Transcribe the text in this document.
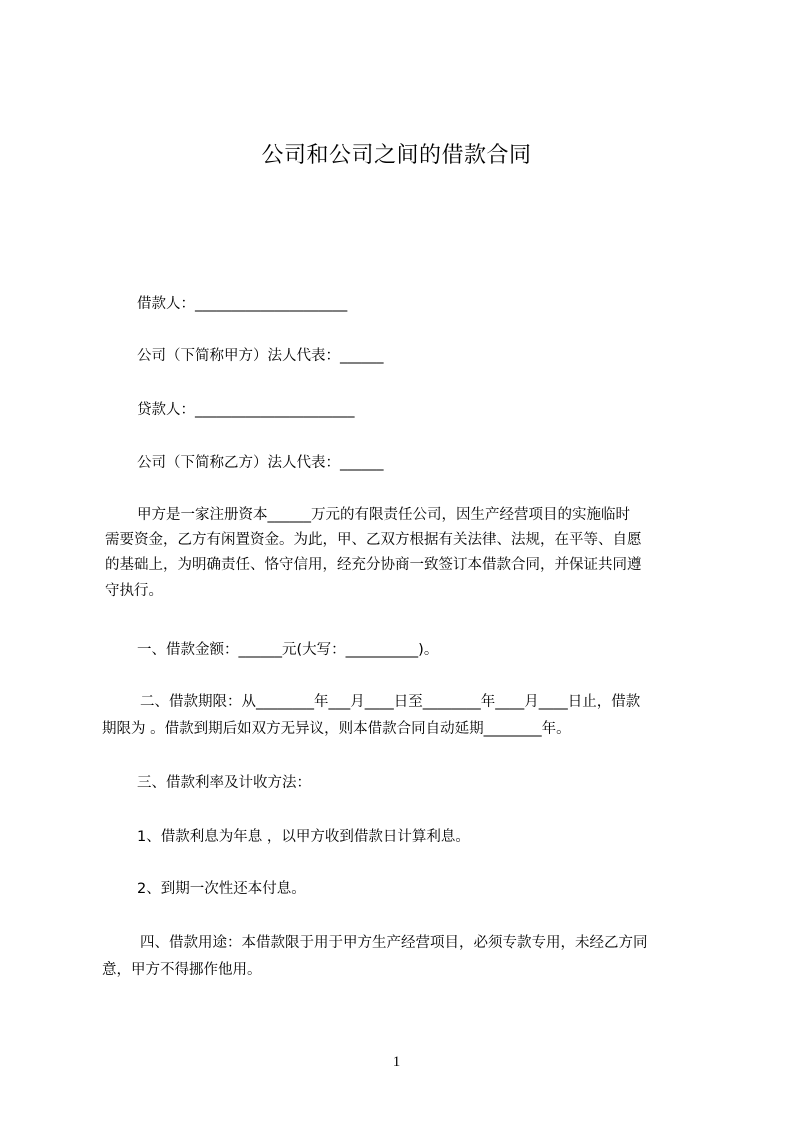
公司和公司之间的借款合同
借款人：_____________________
公司（下简称甲方）法人代表：______
贷款人：______________________
公司（下简称乙方）法人代表：______
甲方是一家注册资本______万元的有限责任公司，因生产经营项目的实施临时
需要资金，乙方有闲置资金。为此，甲、乙双方根据有关法律、法规，在平等、自愿
的基础上，为明确责任、恪守信用，经充分协商一致签订本借款合同，并保证共同遵
守执行。
一、借款金额：______元(大写：__________)。
二、借款期限：从________年___月____日至________年____月____日止，借款
期限为 。借款到期后如双方无异议，则本借款合同自动延期________年。
三、借款利率及计收方法：
1、借款利息为年息 ，以甲方收到借款日计算利息。
2、到期一次性还本付息。
四、借款用途：本借款限于用于甲方生产经营项目，必须专款专用，未经乙方同
意，甲方不得挪作他用。
1
